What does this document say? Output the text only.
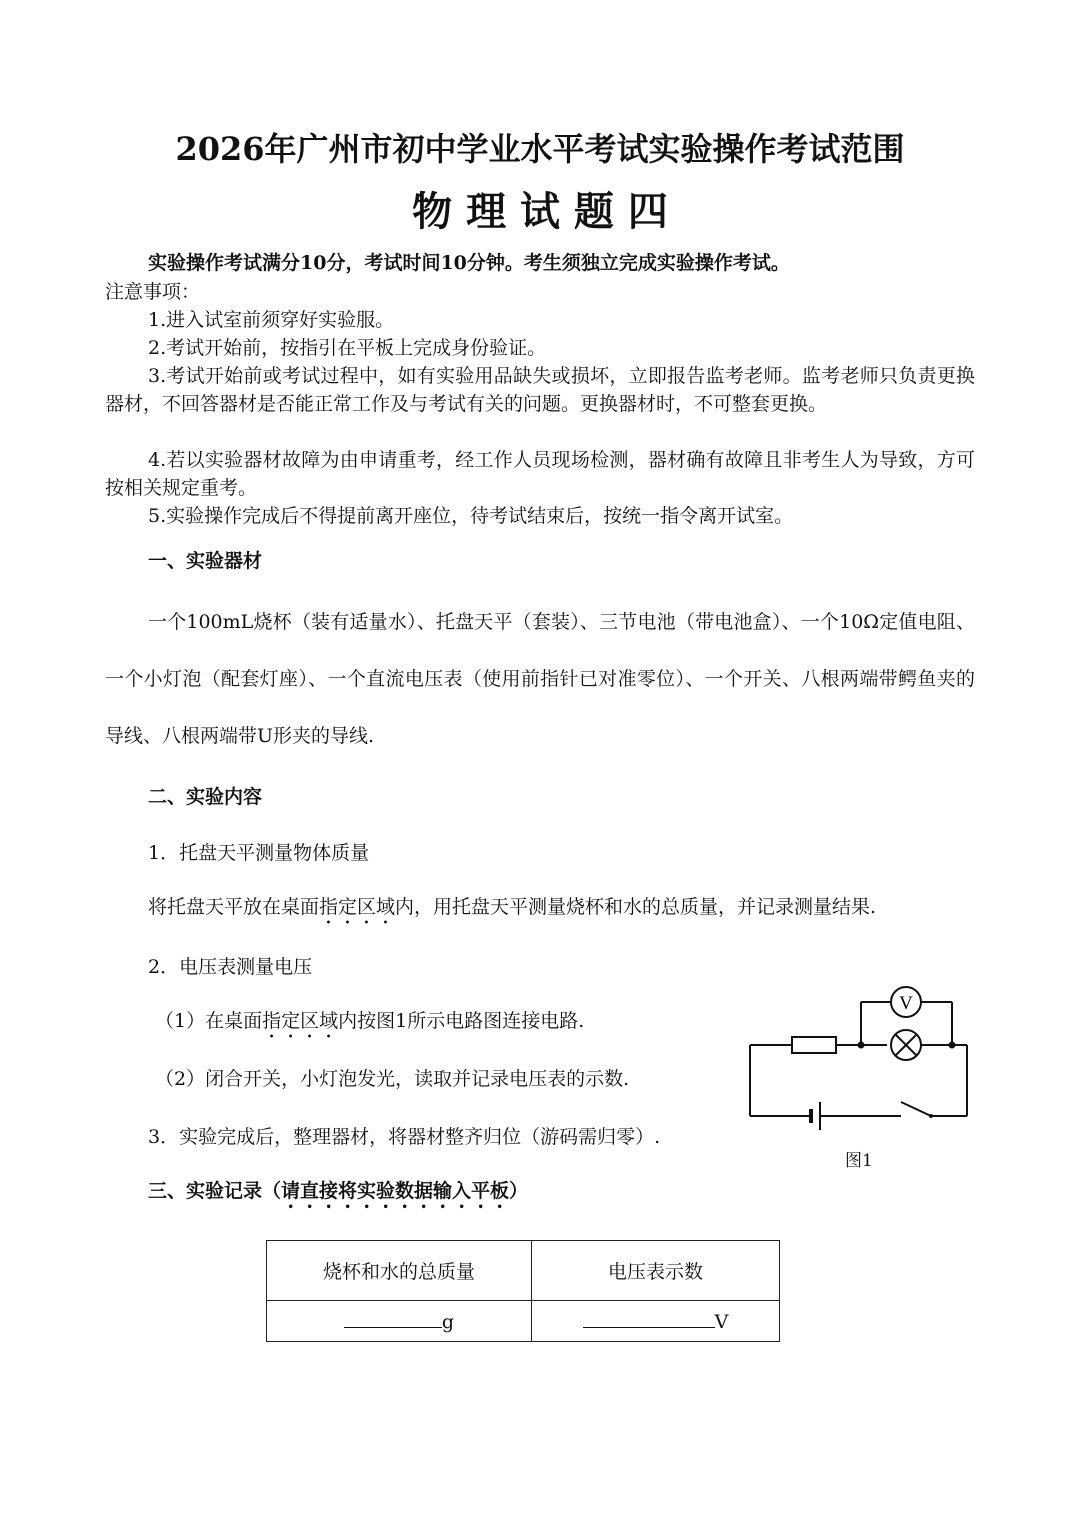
2026年广州市初中学业水平考试实验操作考试范围
物 理 试 题 四
实验操作考试满分10分，考试时间10分钟。考生须独立完成实验操作考试。
注意事项：
1.进入试室前须穿好实验服。
2.考试开始前，按指引在平板上完成身份验证。
3.考试开始前或考试过程中，如有实验用品缺失或损坏，立即报告监考老师。监考老师只负责更换器材，不回答器材是否能正常工作及与考试有关的问题。更换器材时，不可整套更换。
4.若以实验器材故障为由申请重考，经工作人员现场检测，器材确有故障且非考生人为导致，方可按相关规定重考。
5.实验操作完成后不得提前离开座位，待考试结束后，按统一指令离开试室。
一、实验器材
一个100mL烧杯（装有适量水）、托盘天平（套装）、三节电池（带电池盒）、一个10Ω定值电阻、一个小灯泡（配套灯座）、一个直流电压表（使用前指针已对准零位）、一个开关、八根两端带鳄鱼夹的导线、八根两端带U形夹的导线.
二、实验内容
1．托盘天平测量物体质量
将托盘天平放在桌面指定区域内，用托盘天平测量烧杯和水的总质量，并记录测量结果.
2．电压表测量电压
（1）在桌面指定区域内按图1所示电路图连接电路.
（2）闭合开关，小灯泡发光，读取并记录电压表的示数.
3．实验完成后，整理器材，将器材整齐归位（游码需归零）.
V
图1
三、实验记录（请直接将实验数据输入平板）
烧杯和水的总质量	电压表示数
g	V
